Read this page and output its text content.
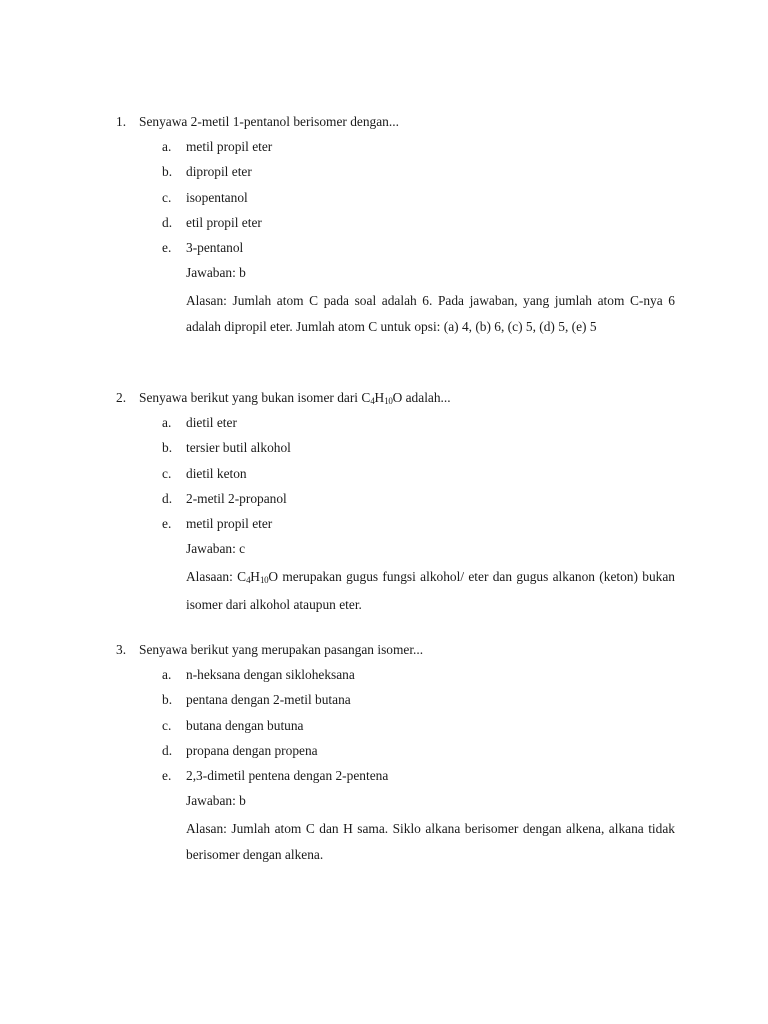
1. Senyawa 2-metil 1-pentanol berisomer dengan...
a. metil propil eter
b. dipropil eter
c. isopentanol
d. etil propil eter
e. 3-pentanol
Jawaban: b
Alasan: Jumlah atom C pada soal adalah 6. Pada jawaban, yang jumlah atom C-nya 6 adalah dipropil eter. Jumlah atom C untuk opsi: (a) 4, (b) 6, (c) 5, (d) 5, (e) 5
2. Senyawa berikut yang bukan isomer dari $C_4H_{10}O$ adalah...
a. dietil eter
b. tersier butil alkohol
c. dietil keton
d. 2-metil 2-propanol
e. metil propil eter
Jawaban: c
Alasaan: $C_4H_{10}O$ merupakan gugus fungsi alkohol/ eter dan gugus alkanon (keton) bukan isomer dari alkohol ataupun eter.
3. Senyawa berikut yang merupakan pasangan isomer...
a. n-heksana dengan sikloheksana
b. pentana dengan 2-metil butana
c. butana dengan butuna
d. propana dengan propena
e. 2,3-dimetil pentena dengan 2-pentena
Jawaban: b
Alasan: Jumlah atom C dan H sama. Siklo alkana berisomer dengan alkena, alkana tidak berisomer dengan alkena.
